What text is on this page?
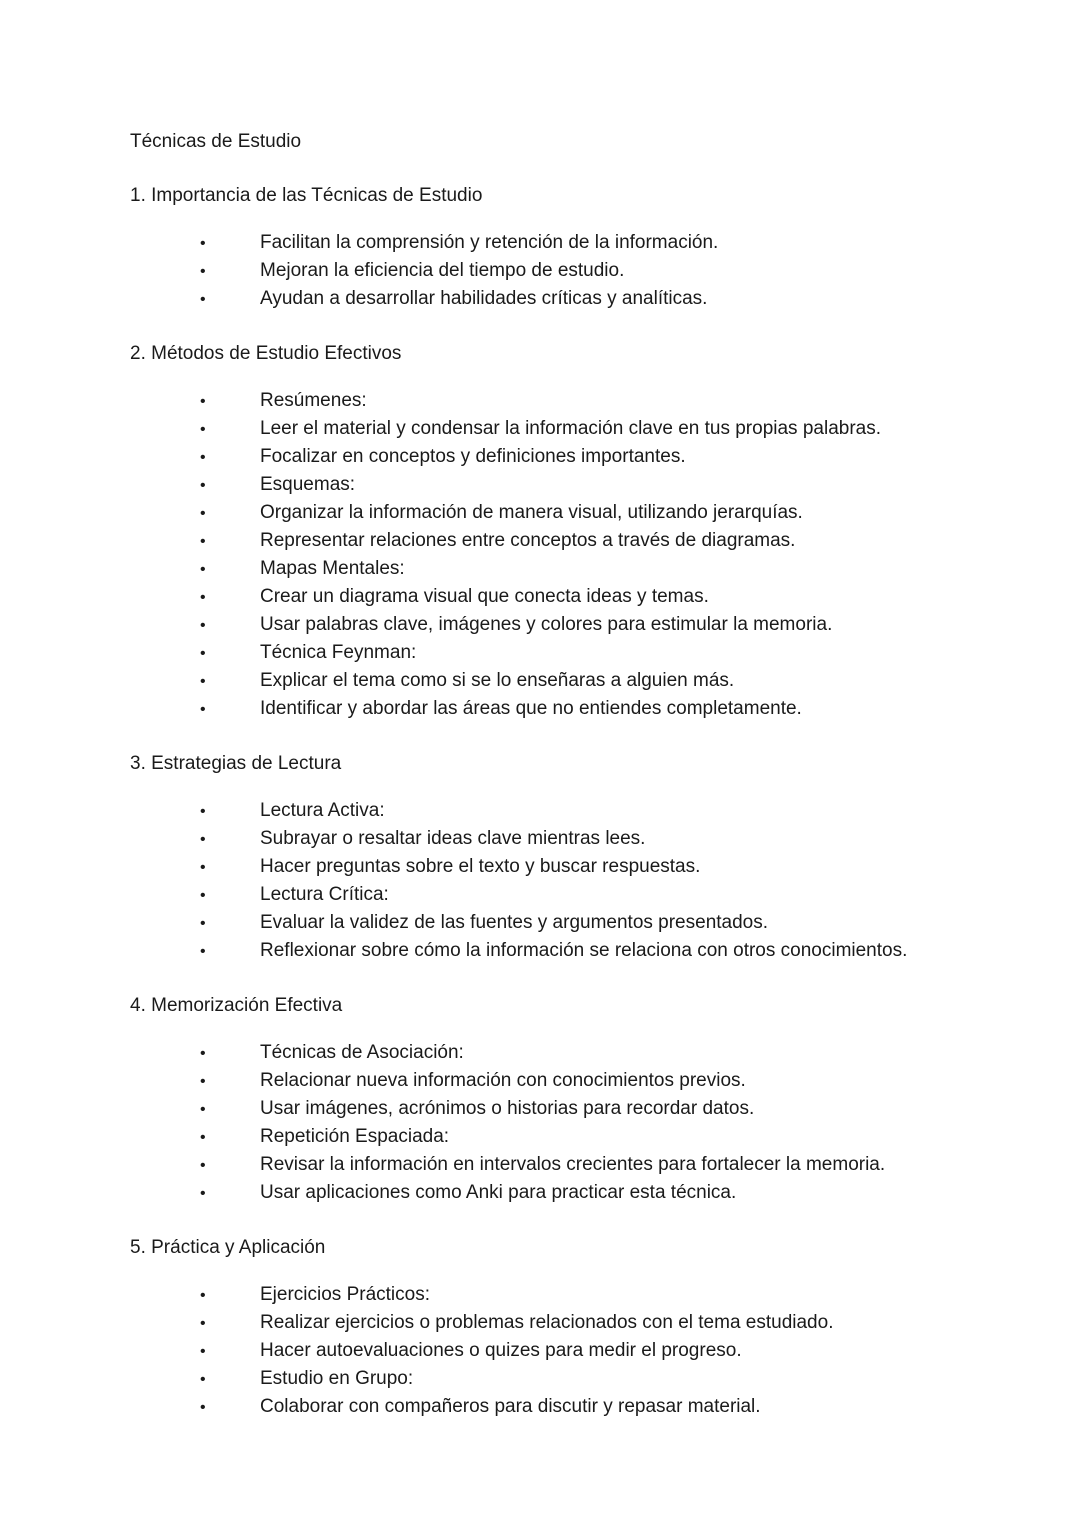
Técnicas de Estudio
1. Importancia de las Técnicas de Estudio
•	Facilitan la comprensión y retención de la información.
•	Mejoran la eficiencia del tiempo de estudio.
•	Ayudan a desarrollar habilidades críticas y analíticas.
2. Métodos de Estudio Efectivos
•	Resúmenes:
•	Leer el material y condensar la información clave en tus propias palabras.
•	Focalizar en conceptos y definiciones importantes.
•	Esquemas:
•	Organizar la información de manera visual, utilizando jerarquías.
•	Representar relaciones entre conceptos a través de diagramas.
•	Mapas Mentales:
•	Crear un diagrama visual que conecta ideas y temas.
•	Usar palabras clave, imágenes y colores para estimular la memoria.
•	Técnica Feynman:
•	Explicar el tema como si se lo enseñaras a alguien más.
•	Identificar y abordar las áreas que no entiendes completamente.
3. Estrategias de Lectura
•	Lectura Activa:
•	Subrayar o resaltar ideas clave mientras lees.
•	Hacer preguntas sobre el texto y buscar respuestas.
•	Lectura Crítica:
•	Evaluar la validez de las fuentes y argumentos presentados.
•	Reflexionar sobre cómo la información se relaciona con otros conocimientos.
4. Memorización Efectiva
•	Técnicas de Asociación:
•	Relacionar nueva información con conocimientos previos.
•	Usar imágenes, acrónimos o historias para recordar datos.
•	Repetición Espaciada:
•	Revisar la información en intervalos crecientes para fortalecer la memoria.
•	Usar aplicaciones como Anki para practicar esta técnica.
5. Práctica y Aplicación
•	Ejercicios Prácticos:
•	Realizar ejercicios o problemas relacionados con el tema estudiado.
•	Hacer autoevaluaciones o quizes para medir el progreso.
•	Estudio en Grupo:
•	Colaborar con compañeros para discutir y repasar material.
